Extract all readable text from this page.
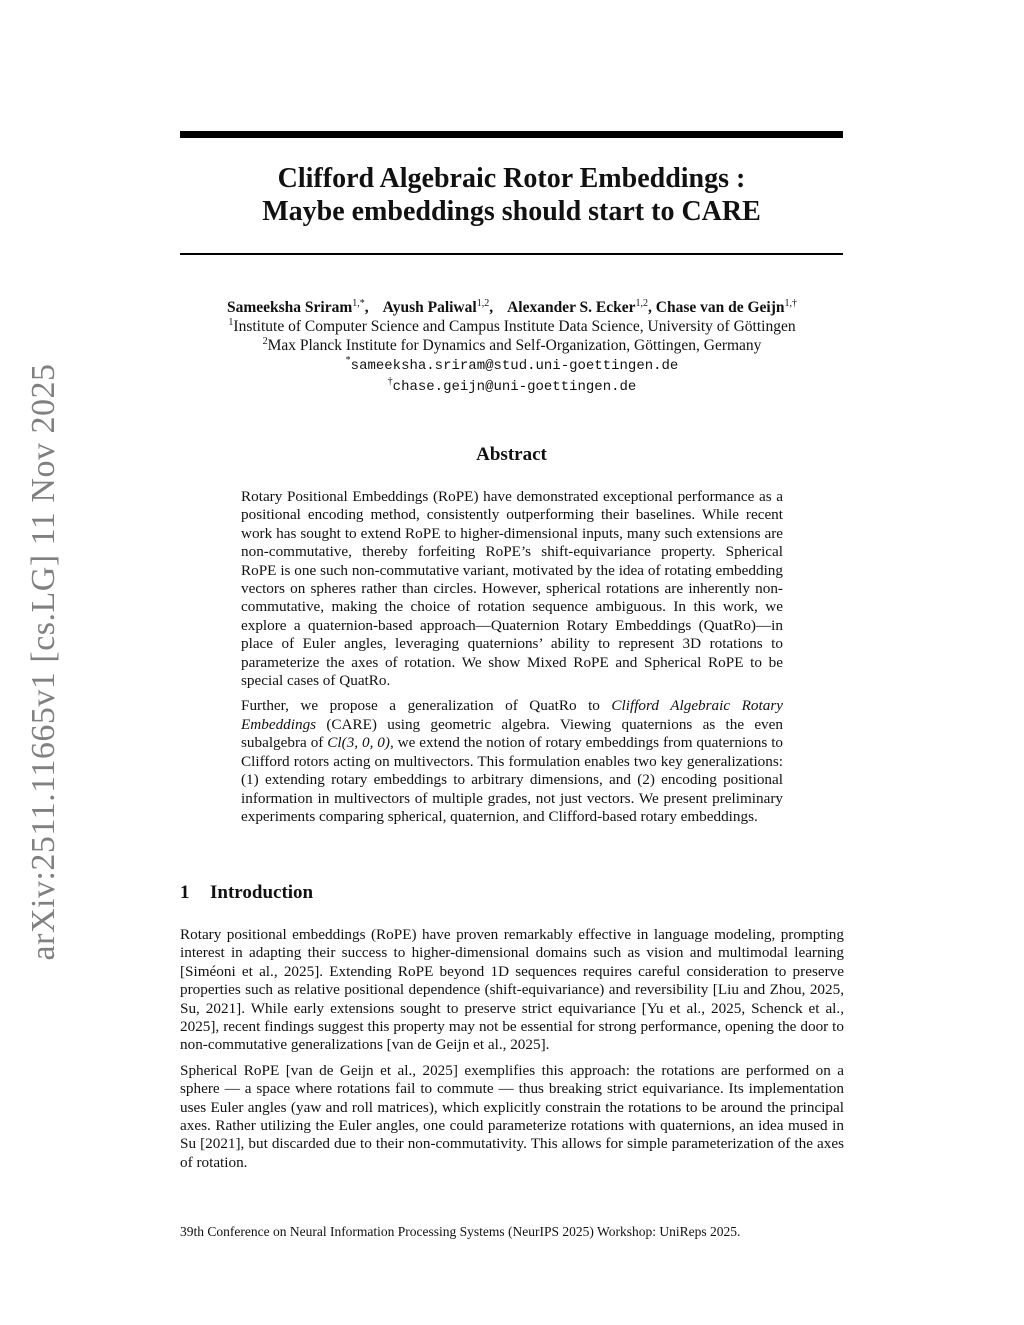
arXiv:2511.11665v1 [cs.LG] 11 Nov 2025
Clifford Algebraic Rotor Embeddings :
Maybe embeddings should start to CARE
Sameeksha Sriram$^{1,*}$, Ayush Paliwal$^{1,2}$, Alexander S. Ecker$^{1,2}$, Chase van de Geijn$^{1,\dagger}$
$^1$Institute of Computer Science and Campus Institute Data Science, University of Göttingen
$^2$Max Planck Institute for Dynamics and Self-Organization, Göttingen, Germany
*sameeksha.sriram@stud.uni-goettingen.de
†chase.geijn@uni-goettingen.de
Abstract

Rotary Positional Embeddings (RoPE) have demonstrated exceptional performance as a positional encoding method, consistently outperforming their baselines. While recent work has sought to extend RoPE to higher-dimensional inputs, many such extensions are non-commutative, thereby forfeiting RoPE’s shift-equivariance property. Spherical RoPE is one such non-commutative variant, motivated by the idea of rotating embedding vectors on spheres rather than circles. However, spherical rotations are inherently non-commutative, making the choice of rotation sequence ambiguous. In this work, we explore a quaternion-based approach—Quaternion Rotary Embeddings (QuatRo)—in place of Euler angles, leveraging quaternions’ ability to represent 3D rotations to parameterize the axes of rotation. We show Mixed RoPE and Spherical RoPE to be special cases of QuatRo.

Further, we propose a generalization of QuatRo to Clifford Algebraic Rotary Embeddings (CARE) using geometric algebra. Viewing quaternions as the even subalgebra of Cl(3, 0, 0), we extend the notion of rotary embeddings from quaternions to Clifford rotors acting on multivectors. This formulation enables two key generalizations: (1) extending rotary embeddings to arbitrary dimensions, and (2) encoding positional information in multivectors of multiple grades, not just vectors. We present preliminary experiments comparing spherical, quaternion, and Clifford-based rotary embeddings.

1 Introduction

Rotary positional embeddings (RoPE) have proven remarkably effective in language modeling, prompting interest in adapting their success to higher-dimensional domains such as vision and multimodal learning [Siméoni et al., 2025]. Extending RoPE beyond 1D sequences requires careful consideration to preserve properties such as relative positional dependence (shift-equivariance) and reversibility [Liu and Zhou, 2025, Su, 2021]. While early extensions sought to preserve strict equivariance [Yu et al., 2025, Schenck et al., 2025], recent findings suggest this property may not be essential for strong performance, opening the door to non-commutative generalizations [van de Geijn et al., 2025].

Spherical RoPE [van de Geijn et al., 2025] exemplifies this approach: the rotations are performed on a sphere — a space where rotations fail to commute — thus breaking strict equivariance. Its implementation uses Euler angles (yaw and roll matrices), which explicitly constrain the rotations to be around the principal axes. Rather utilizing the Euler angles, one could parameterize rotations with quaternions, an idea mused in Su [2021], but discarded due to their non-commutativity. This allows for simple parameterization of the axes of rotation.

39th Conference on Neural Information Processing Systems (NeurIPS 2025) Workshop: UniReps 2025.
